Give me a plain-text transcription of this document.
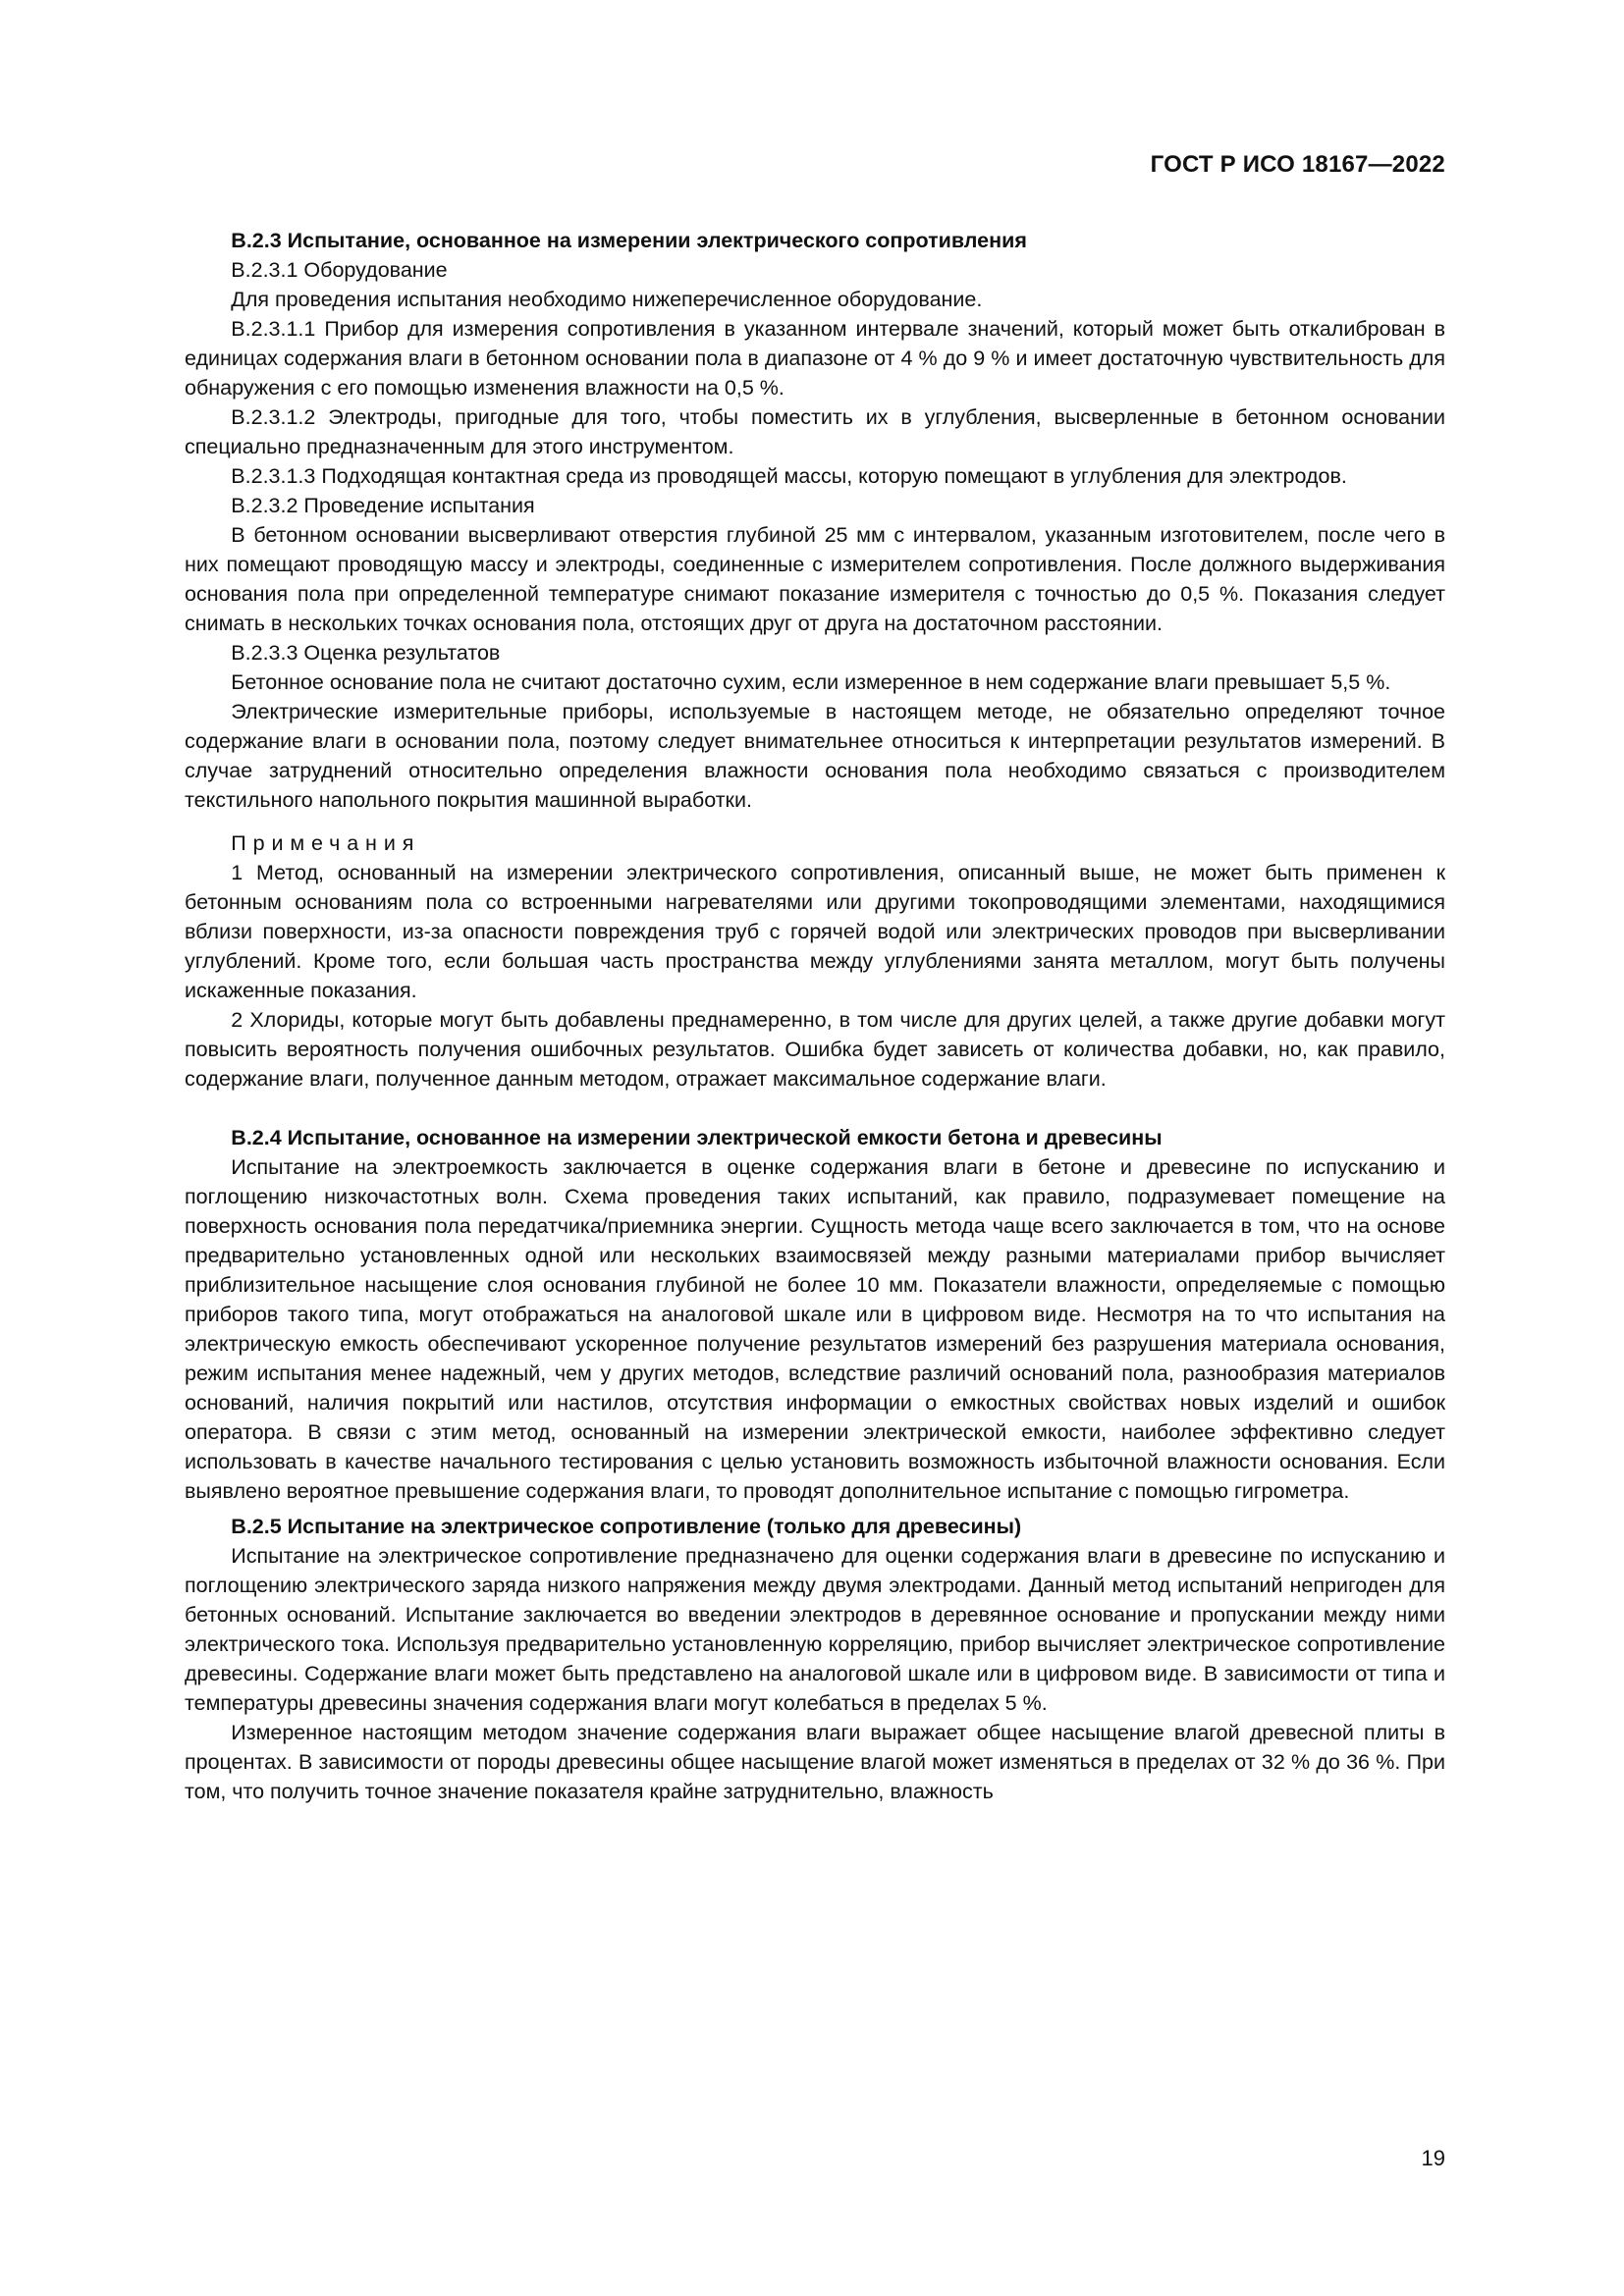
ГОСТ Р ИСО 18167—2022

В.2.3 Испытание, основанное на измерении электрического сопротивления

В.2.3.1 Оборудование

Для проведения испытания необходимо нижеперечисленное оборудование.

В.2.3.1.1 Прибор для измерения сопротивления в указанном интервале значений, который может быть откалиброван в единицах содержания влаги в бетонном основании пола в диапазоне от 4 % до 9 % и имеет достаточную чувствительность для обнаружения с его помощью изменения влажности на 0,5 %.

В.2.3.1.2 Электроды, пригодные для того, чтобы поместить их в углубления, высверленные в бетонном основании специально предназначенным для этого инструментом.

В.2.3.1.3 Подходящая контактная среда из проводящей массы, которую помещают в углубления для электродов.

В.2.3.2 Проведение испытания

В бетонном основании высверливают отверстия глубиной 25 мм с интервалом, указанным изготовителем, после чего в них помещают проводящую массу и электроды, соединенные с измерителем сопротивления. После должного выдерживания основания пола при определенной температуре снимают показание измерителя с точностью до 0,5 %. Показания следует снимать в нескольких точках основания пола, отстоящих друг от друга на достаточном расстоянии.

В.2.3.3 Оценка результатов

Бетонное основание пола не считают достаточно сухим, если измеренное в нем содержание влаги превышает 5,5 %.

Электрические измерительные приборы, используемые в настоящем методе, не обязательно определяют точное содержание влаги в основании пола, поэтому следует внимательнее относиться к интерпретации результатов измерений. В случае затруднений относительно определения влажности основания пола необходимо связаться с производителем текстильного напольного покрытия машинной выработки.

Примечания

1 Метод, основанный на измерении электрического сопротивления, описанный выше, не может быть применен к бетонным основаниям пола со встроенными нагревателями или другими токопроводящими элементами, находящимися вблизи поверхности, из-за опасности повреждения труб с горячей водой или электрических проводов при высверливании углублений. Кроме того, если большая часть пространства между углублениями занята металлом, могут быть получены искаженные показания.

2 Хлориды, которые могут быть добавлены преднамеренно, в том числе для других целей, а также другие добавки могут повысить вероятность получения ошибочных результатов. Ошибка будет зависеть от количества добавки, но, как правило, содержание влаги, полученное данным методом, отражает максимальное содержание влаги.

В.2.4 Испытание, основанное на измерении электрической емкости бетона и древесины

Испытание на электроемкость заключается в оценке содержания влаги в бетоне и древесине по испусканию и поглощению низкочастотных волн. Схема проведения таких испытаний, как правило, подразумевает помещение на поверхность основания пола передатчика/приемника энергии. Сущность метода чаще всего заключается в том, что на основе предварительно установленных одной или нескольких взаимосвязей между разными материалами прибор вычисляет приблизительное насыщение слоя основания глубиной не более 10 мм. Показатели влажности, определяемые с помощью приборов такого типа, могут отображаться на аналоговой шкале или в цифровом виде. Несмотря на то что испытания на электрическую емкость обеспечивают ускоренное получение результатов измерений без разрушения материала основания, режим испытания менее надежный, чем у других методов, вследствие различий оснований пола, разнообразия материалов оснований, наличия покрытий или настилов, отсутствия информации о емкостных свойствах новых изделий и ошибок оператора. В связи с этим метод, основанный на измерении электрической емкости, наиболее эффективно следует использовать в качестве начального тестирования с целью установить возможность избыточной влажности основания. Если выявлено вероятное превышение содержания влаги, то проводят дополнительное испытание с помощью гигрометра.

В.2.5 Испытание на электрическое сопротивление (только для древесины)

Испытание на электрическое сопротивление предназначено для оценки содержания влаги в древесине по испусканию и поглощению электрического заряда низкого напряжения между двумя электродами. Данный метод испытаний непригоден для бетонных оснований. Испытание заключается во введении электродов в деревянное основание и пропускании между ними электрического тока. Используя предварительно установленную корреляцию, прибор вычисляет электрическое сопротивление древесины. Содержание влаги может быть представлено на аналоговой шкале или в цифровом виде. В зависимости от типа и температуры древесины значения содержания влаги могут колебаться в пределах 5 %.

Измеренное настоящим методом значение содержания влаги выражает общее насыщение влагой древесной плиты в процентах. В зависимости от породы древесины общее насыщение влагой может изменяться в пределах от 32 % до 36 %. При том, что получить точное значение показателя крайне затруднительно, влажность

19
